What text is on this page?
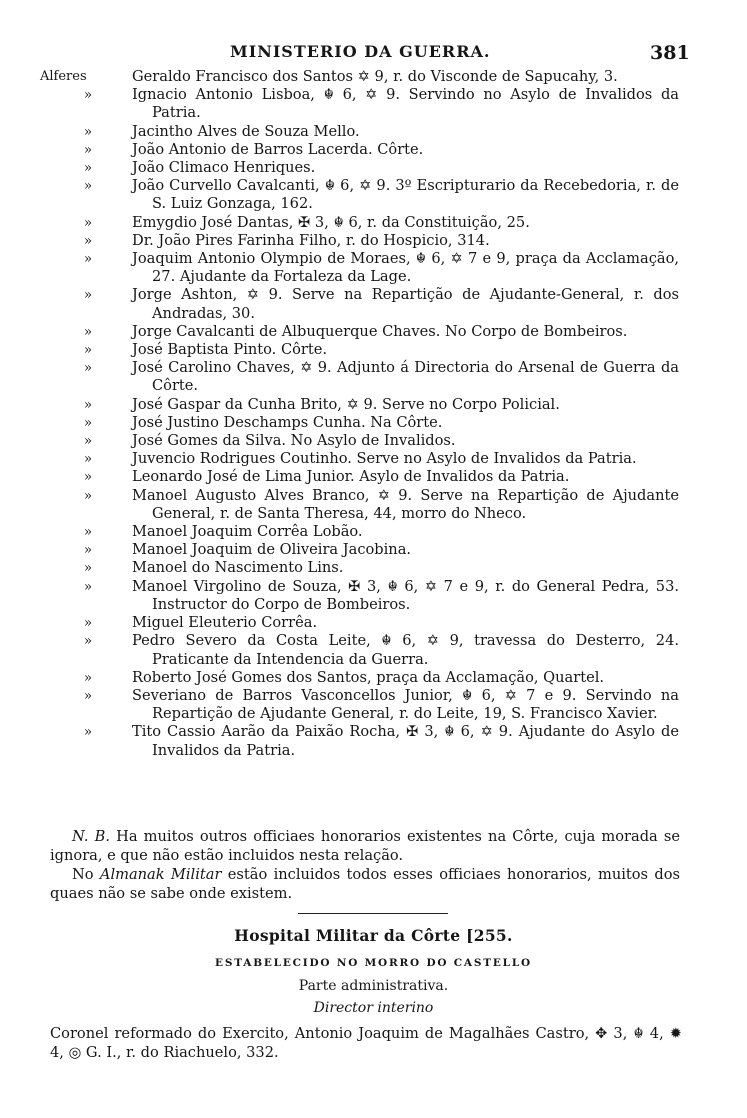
MINISTERIO DA GUERRA.	381
Alferes	Geraldo Francisco dos Santos ✡ 9, r. do Visconde de Sapucahy, 3.
»	Ignacio Antonio Lisboa, ☬ 6, ✡ 9. Servindo no Asylo de Invalidos da Patria.
»	Jacintho Alves de Souza Mello.
»	João Antonio de Barros Lacerda. Côrte.
»	João Climaco Henriques.
»	João Curvello Cavalcanti, ☬ 6, ✡ 9. 3º Escripturario da Recebedoria, r. de S. Luiz Gonzaga, 162.
»	Emygdio José Dantas, ✠ 3, ☬ 6, r. da Constituição, 25.
»	Dr. João Pires Farinha Filho, r. do Hospicio, 314.
»	Joaquim Antonio Olympio de Moraes, ☬ 6, ✡ 7 e 9, praça da Acclamação, 27. Ajudante da Fortaleza da Lage.
»	Jorge Ashton, ✡ 9. Serve na Repartição de Ajudante-General, r. dos Andradas, 30.
»	Jorge Cavalcanti de Albuquerque Chaves. No Corpo de Bombeiros.
»	José Baptista Pinto. Côrte.
»	José Carolino Chaves, ✡ 9. Adjunto á Directoria do Arsenal de Guerra da Côrte.
»	José Gaspar da Cunha Brito, ✡ 9. Serve no Corpo Policial.
»	José Justino Deschamps Cunha. Na Côrte.
»	José Gomes da Silva. No Asylo de Invalidos.
»	Juvencio Rodrigues Coutinho. Serve no Asylo de Invalidos da Patria.
»	Leonardo José de Lima Junior. Asylo de Invalidos da Patria.
»	Manoel Augusto Alves Branco, ✡ 9. Serve na Repartição de Ajudante General, r. de Santa Theresa, 44, morro do Nheco.
»	Manoel Joaquim Corrêa Lobão.
»	Manoel Joaquim de Oliveira Jacobina.
»	Manoel do Nascimento Lins.
»	Manoel Virgolino de Souza, ✠ 3, ☬ 6, ✡ 7 e 9, r. do General Pedra, 53. Instructor do Corpo de Bombeiros.
»	Miguel Eleuterio Corrêa.
»	Pedro Severo da Costa Leite, ☬ 6, ✡ 9, travessa do Desterro, 24. Praticante da Intendencia da Guerra.
»	Roberto José Gomes dos Santos, praça da Acclamação, Quartel.
»	Severiano de Barros Vasconcellos Junior, ☬ 6, ✡ 7 e 9. Servindo na Repartição de Ajudante General, r. do Leite, 19, S. Francisco Xavier.
»	Tito Cassio Aarão da Paixão Rocha, ✠ 3, ☬ 6, ✡ 9. Ajudante do Asylo de Invalidos da Patria.
N. B. Ha muitos outros officiaes honorarios existentes na Côrte, cuja morada se ignora, e que não estão incluidos nesta relação.
No Almanak Militar estão incluidos todos esses officiaes honorarios, muitos dos quaes não se sabe onde existem.
Hospital Militar da Côrte [255.
ESTABELECIDO NO MORRO DO CASTELLO
Parte administrativa.
Director interino
Coronel reformado do Exercito, Antonio Joaquim de Magalhães Castro, ✥ 3, ☬ 4, ✹ 4, ◎ G. I., r. do Riachuelo, 332.
